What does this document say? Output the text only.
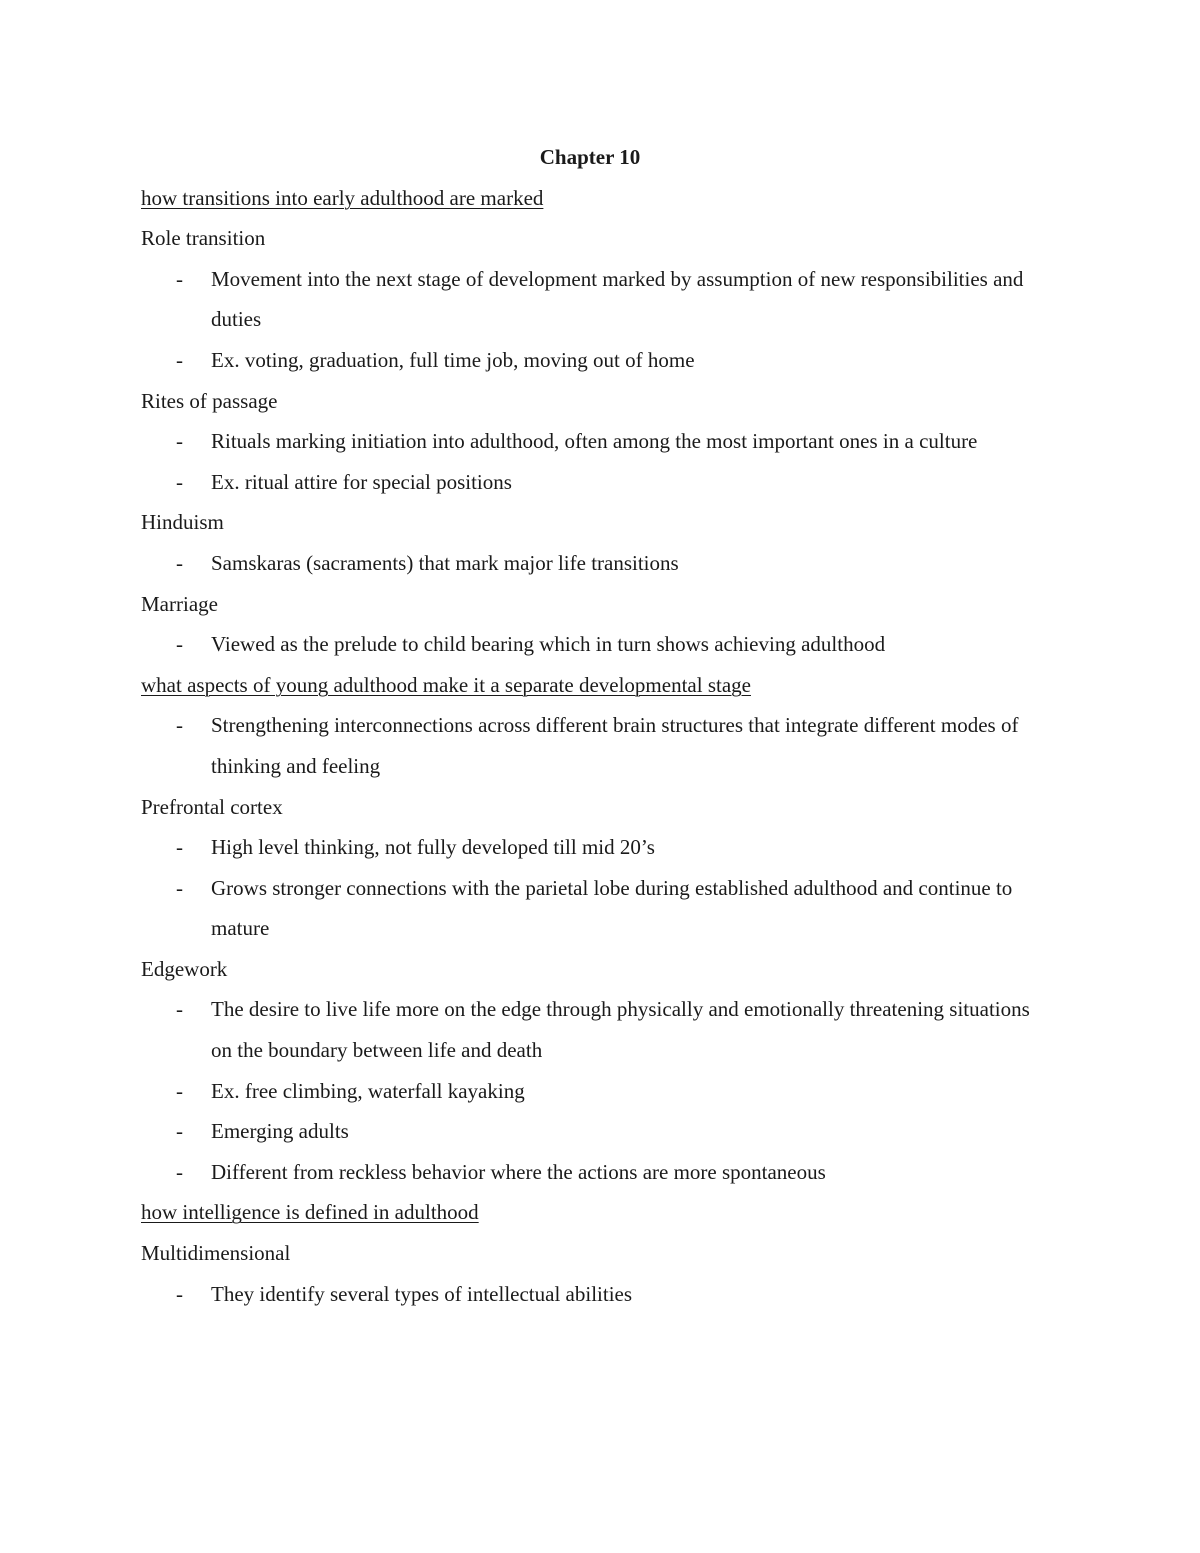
Chapter 10
how transitions into early adulthood are marked
Role transition
- Movement into the next stage of development marked by assumption of new responsibilities and duties
- Ex. voting, graduation, full time job, moving out of home
Rites of passage
- Rituals marking initiation into adulthood, often among the most important ones in a culture
- Ex. ritual attire for special positions
Hinduism
- Samskaras (sacraments) that mark major life transitions
Marriage
- Viewed as the prelude to child bearing which in turn shows achieving adulthood
what aspects of young adulthood make it a separate developmental stage
- Strengthening interconnections across different brain structures that integrate different modes of thinking and feeling
Prefrontal cortex
- High level thinking, not fully developed till mid 20’s
- Grows stronger connections with the parietal lobe during established adulthood and continue to mature
Edgework
- The desire to live life more on the edge through physically and emotionally threatening situations on the boundary between life and death
- Ex. free climbing, waterfall kayaking
- Emerging adults
- Different from reckless behavior where the actions are more spontaneous
how intelligence is defined in adulthood
Multidimensional
- They identify several types of intellectual abilities
